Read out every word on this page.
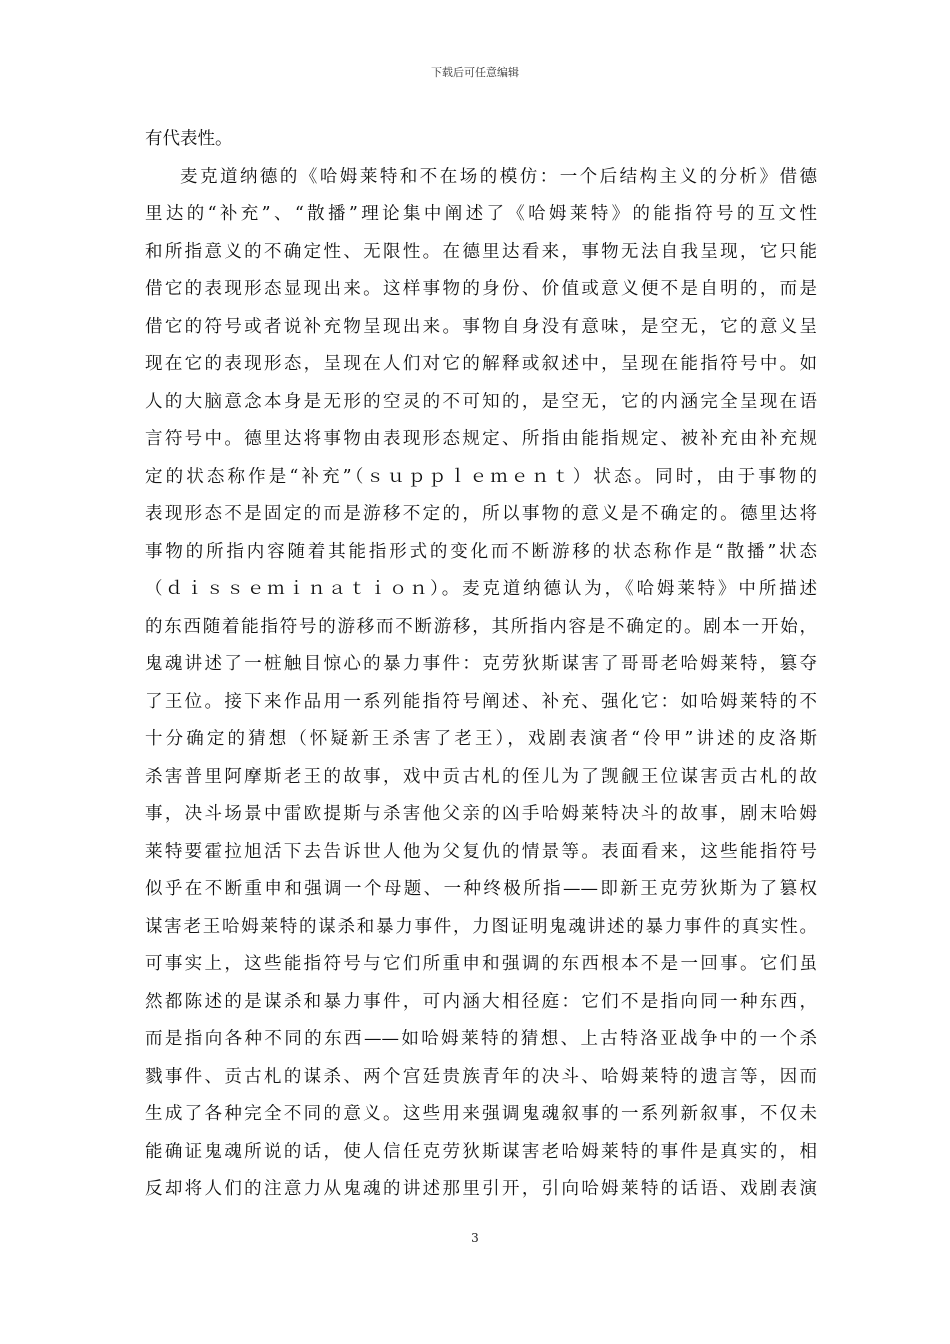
下载后可任意编辑
有代表性。
麦克道纳德的《哈姆莱特和不在场的模仿：一个后结构主义的分析》借德
里达的“补充”、“散播”理论集中阐述了《哈姆莱特》的能指符号的互文性
和所指意义的不确定性、无限性。在德里达看来，事物无法自我呈现，它只能
借它的表现形态显现出来。这样事物的身份、价值或意义便不是自明的，而是
借它的符号或者说补充物呈现出来。事物自身没有意味，是空无，它的意义呈
现在它的表现形态，呈现在人们对它的解释或叙述中，呈现在能指符号中。如
人的大脑意念本身是无形的空灵的不可知的，是空无，它的内涵完全呈现在语
言符号中。德里达将事物由表现形态规定、所指由能指规定、被补充由补充规
定的状态称作是“补充”（ｓｕｐｐｌｅｍｅｎｔ）状态。同时，由于事物的
表现形态不是固定的而是游移不定的，所以事物的意义是不确定的。德里达将
事物的所指内容随着其能指形式的变化而不断游移的状态称作是“散播”状态
（ｄｉｓｓｅｍｉｎａｔｉｏｎ）。麦克道纳德认为，《哈姆莱特》中所描述
的东西随着能指符号的游移而不断游移，其所指内容是不确定的。剧本一开始，
鬼魂讲述了一桩触目惊心的暴力事件：克劳狄斯谋害了哥哥老哈姆莱特，篡夺
了王位。接下来作品用一系列能指符号阐述、补充、强化它：如哈姆莱特的不
十分确定的猜想（怀疑新王杀害了老王），戏剧表演者“伶甲”讲述的皮洛斯
杀害普里阿摩斯老王的故事，戏中贡古札的侄儿为了觊觎王位谋害贡古札的故
事，决斗场景中雷欧提斯与杀害他父亲的凶手哈姆莱特决斗的故事，剧末哈姆
莱特要霍拉旭活下去告诉世人他为父复仇的情景等。表面看来，这些能指符号
似乎在不断重申和强调一个母题、一种终极所指——即新王克劳狄斯为了篡权
谋害老王哈姆莱特的谋杀和暴力事件，力图证明鬼魂讲述的暴力事件的真实性。
可事实上，这些能指符号与它们所重申和强调的东西根本不是一回事。它们虽
然都陈述的是谋杀和暴力事件，可内涵大相径庭：它们不是指向同一种东西，
而是指向各种不同的东西——如哈姆莱特的猜想、上古特洛亚战争中的一个杀
戮事件、贡古札的谋杀、两个宫廷贵族青年的决斗、哈姆莱特的遗言等，因而
生成了各种完全不同的意义。这些用来强调鬼魂叙事的一系列新叙事，不仅未
能确证鬼魂所说的话，使人信任克劳狄斯谋害老哈姆莱特的事件是真实的，相
反却将人们的注意力从鬼魂的讲述那里引开，引向哈姆莱特的话语、戏剧表演
3
